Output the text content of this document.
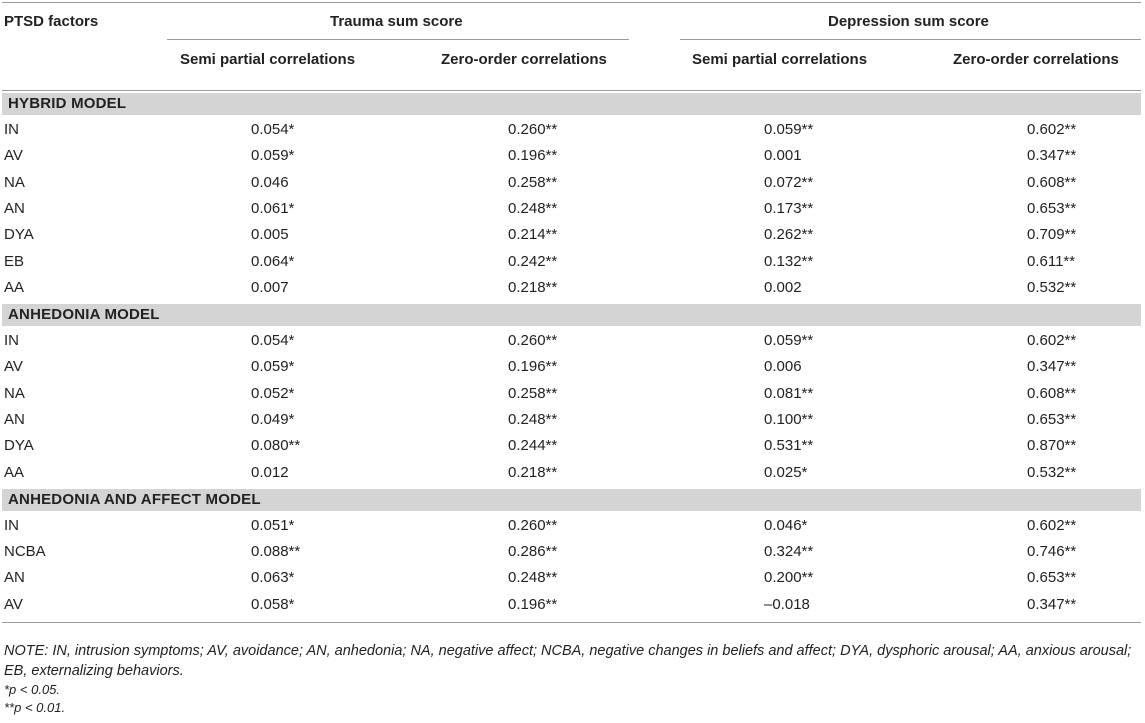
PTSD factors	Trauma sum score	Depression sum score
Semi partial correlations	Zero-order correlations	Semi partial correlations	Zero-order correlations
HYBRID MODEL
IN	0.054*	0.260**	0.059**	0.602**
AV	0.059*	0.196**	0.001	0.347**
NA	0.046	0.258**	0.072**	0.608**
AN	0.061*	0.248**	0.173**	0.653**
DYA	0.005	0.214**	0.262**	0.709**
EB	0.064*	0.242**	0.132**	0.611**
AA	0.007	0.218**	0.002	0.532**
ANHEDONIA MODEL
IN	0.054*	0.260**	0.059**	0.602**
AV	0.059*	0.196**	0.006	0.347**
NA	0.052*	0.258**	0.081**	0.608**
AN	0.049*	0.248**	0.100**	0.653**
DYA	0.080**	0.244**	0.531**	0.870**
AA	0.012	0.218**	0.025*	0.532**
ANHEDONIA AND AFFECT MODEL
IN	0.051*	0.260**	0.046*	0.602**
NCBA	0.088**	0.286**	0.324**	0.746**
AN	0.063*	0.248**	0.200**	0.653**
AV	0.058*	0.196**	–0.018	0.347**

NOTE: IN, intrusion symptoms; AV, avoidance; AN, anhedonia; NA, negative affect; NCBA, negative changes in beliefs and affect; DYA, dysphoric arousal; AA, anxious arousal; EB, externalizing behaviors.

*p < 0.05.

**p < 0.01.
